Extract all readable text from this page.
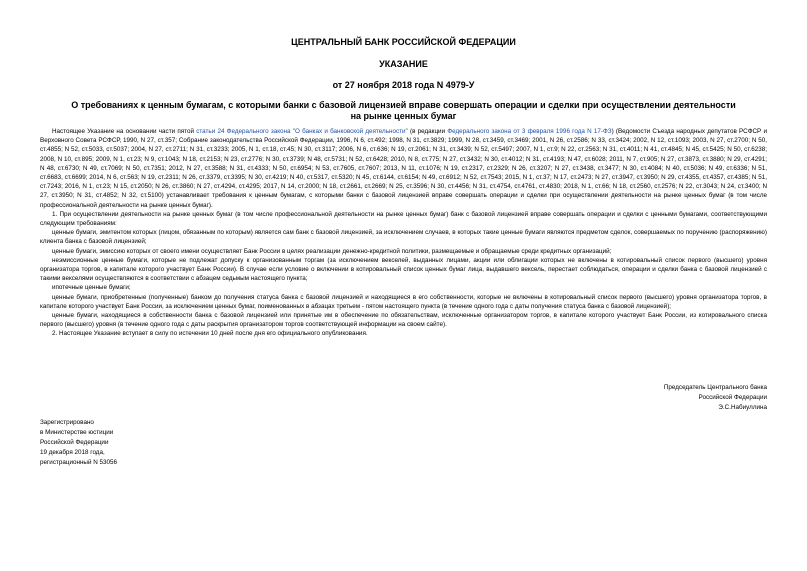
ЦЕНТРАЛЬНЫЙ БАНК РОССИЙСКОЙ ФЕДЕРАЦИИ
УКАЗАНИЕ
от 27 ноября 2018 года N 4979-У
О требованиях к ценным бумагам, с которыми банки с базовой лицензией вправе совершать операции и сделки при осуществлении деятельности на рынке ценных бумаг

Настоящее Указание на основании части пятой статьи 24 Федерального закона "О банках и банковской деятельности" (в редакции Федерального закона от 3 февраля 1996 года N 17-ФЗ) (Ведомости Съезда народных депутатов РСФСР и Верховного Совета РСФСР, 1990, N 27, ст.357; Собрание законодательства Российской Федерации, 1996, N 6, ст.492; 1998, N 31, ст.3829; 1999, N 28, ст.3459, ст.3469; 2001, N 26, ст.2586; N 33, ст.3424; 2002, N 12, ст.1093; 2003, N 27, ст.2700; N 50, ст.4855; N 52, ст.5033, ст.5037; 2004, N 27, ст.2711; N 31, ст.3233; 2005, N 1, ст.18, ст.45; N 30, ст.3117; 2006, N 6, ст.636; N 19, ст.2061; N 31, ст.3439; N 52, ст.5497; 2007, N 1, ст.9; N 22, ст.2563; N 31, ст.4011; N 41, ст.4845; N 45, ст.5425; N 50, ст.6238; 2008, N 10, ст.895; 2009, N 1, ст.23; N 9, ст.1043; N 18, ст.2153; N 23, ст.2776; N 30, ст.3739; N 48, ст.5731; N 52, ст.6428; 2010, N 8, ст.775; N 27, ст.3432; N 30, ст.4012; N 31, ст.4193; N 47, ст.6028; 2011, N 7, ст.905; N 27, ст.3873, ст.3880; N 29, ст.4291; N 48, ст.6730; N 49, ст.7069; N 50, ст.7351; 2012, N 27, ст.3588; N 31, ст.4333; N 50, ст.6954; N 53, ст.7605, ст.7607; 2013, N 11, ст.1076; N 19, ст.2317, ст.2329; N 26, ст.3207; N 27, ст.3438, ст.3477; N 30, ст.4084; N 40, ст.5036; N 49, ст.6336; N 51, ст.6683, ст.6699; 2014, N 6, ст.563; N 19, ст.2311; N 26, ст.3379, ст.3395; N 30, ст.4219; N 40, ст.5317, ст.5320; N 45, ст.6144, ст.6154; N 49, ст.6912; N 52, ст.7543; 2015, N 1, ст.37; N 17, ст.2473; N 27, ст.3947, ст.3950; N 29, ст.4355, ст.4357, ст.4385; N 51, ст.7243; 2016, N 1, ст.23; N 15, ст.2050; N 26, ст.3860; N 27, ст.4294, ст.4295; 2017, N 14, ст.2000; N 18, ст.2661, ст.2669; N 25, ст.3596; N 30, ст.4456; N 31, ст.4754, ст.4761, ст.4830; 2018, N 1, ст.66; N 18, ст.2560, ст.2576; N 22, ст.3043; N 24, ст.3400; N 27, ст.3950; N 31, ст.4852; N 32, ст.5100) устанавливает требования к ценным бумагам, с которыми банки с базовой лицензией вправе совершать операции и сделки при осуществлении деятельности на рынке ценных бумаг (в том числе профессиональной деятельности на рынке ценных бумаг).

1. При осуществлении деятельности на рынке ценных бумаг (в том числе профессиональной деятельности на рынке ценных бумаг) банк с базовой лицензией вправе совершать операции и сделки с ценными бумагами, соответствующими следующим требованиям:

ценные бумаги, эмитентом которых (лицом, обязанным по которым) является сам банк с базовой лицензией, за исключением случаев, в которых такие ценные бумаги являются предметом сделок, совершаемых по поручению (распоряжению) клиента банка с базовой лицензией;

ценные бумаги, эмиссию которых от своего имени осуществляет Банк России в целях реализации денежно-кредитной политики, размещаемые и обращаемые среди кредитных организаций;

неэмиссионные ценные бумаги, которые не подлежат допуску к организованным торгам (за исключением векселей, выданных лицами, акции или облигации которых не включены в котировальный список первого (высшего) уровня организатора торгов, в капитале которого участвует Банк России). В случае если условие о включении в котировальный список ценных бумаг лица, выдавшего вексель, перестает соблюдаться, операции и сделки банка с базовой лицензией с такими векселями осуществляются в соответствии с абзацем седьмым настоящего пункта;

ипотечные ценные бумаги;

ценные бумаги, приобретенные (полученные) банком до получения статуса банка с базовой лицензией и находящиеся в его собственности, которые не включены в котировальный список первого (высшего) уровня организатора торгов, в капитале которого участвует Банк России, за исключением ценных бумаг, поименованных в абзацах третьем - пятом настоящего пункта (в течение одного года с даты получения статуса банка с базовой лицензией);

ценные бумаги, находящиеся в собственности банка с базовой лицензией или принятые им в обеспечение по обязательствам, исключенные организатором торгов, в капитале которого участвует Банк России, из котировального списка первого (высшего) уровня (в течение одного года с даты раскрытия организатором торгов соответствующей информации на своем сайте).

2. Настоящее Указание вступает в силу по истечении 10 дней после дня его официального опубликования.

Председатель Центрального банка
Российской Федерации
Э.С.Набиуллина
Зарегистрировано
в Министерстве юстиции
Российской Федерации
19 декабря 2018 года,
регистрационный N 53056
